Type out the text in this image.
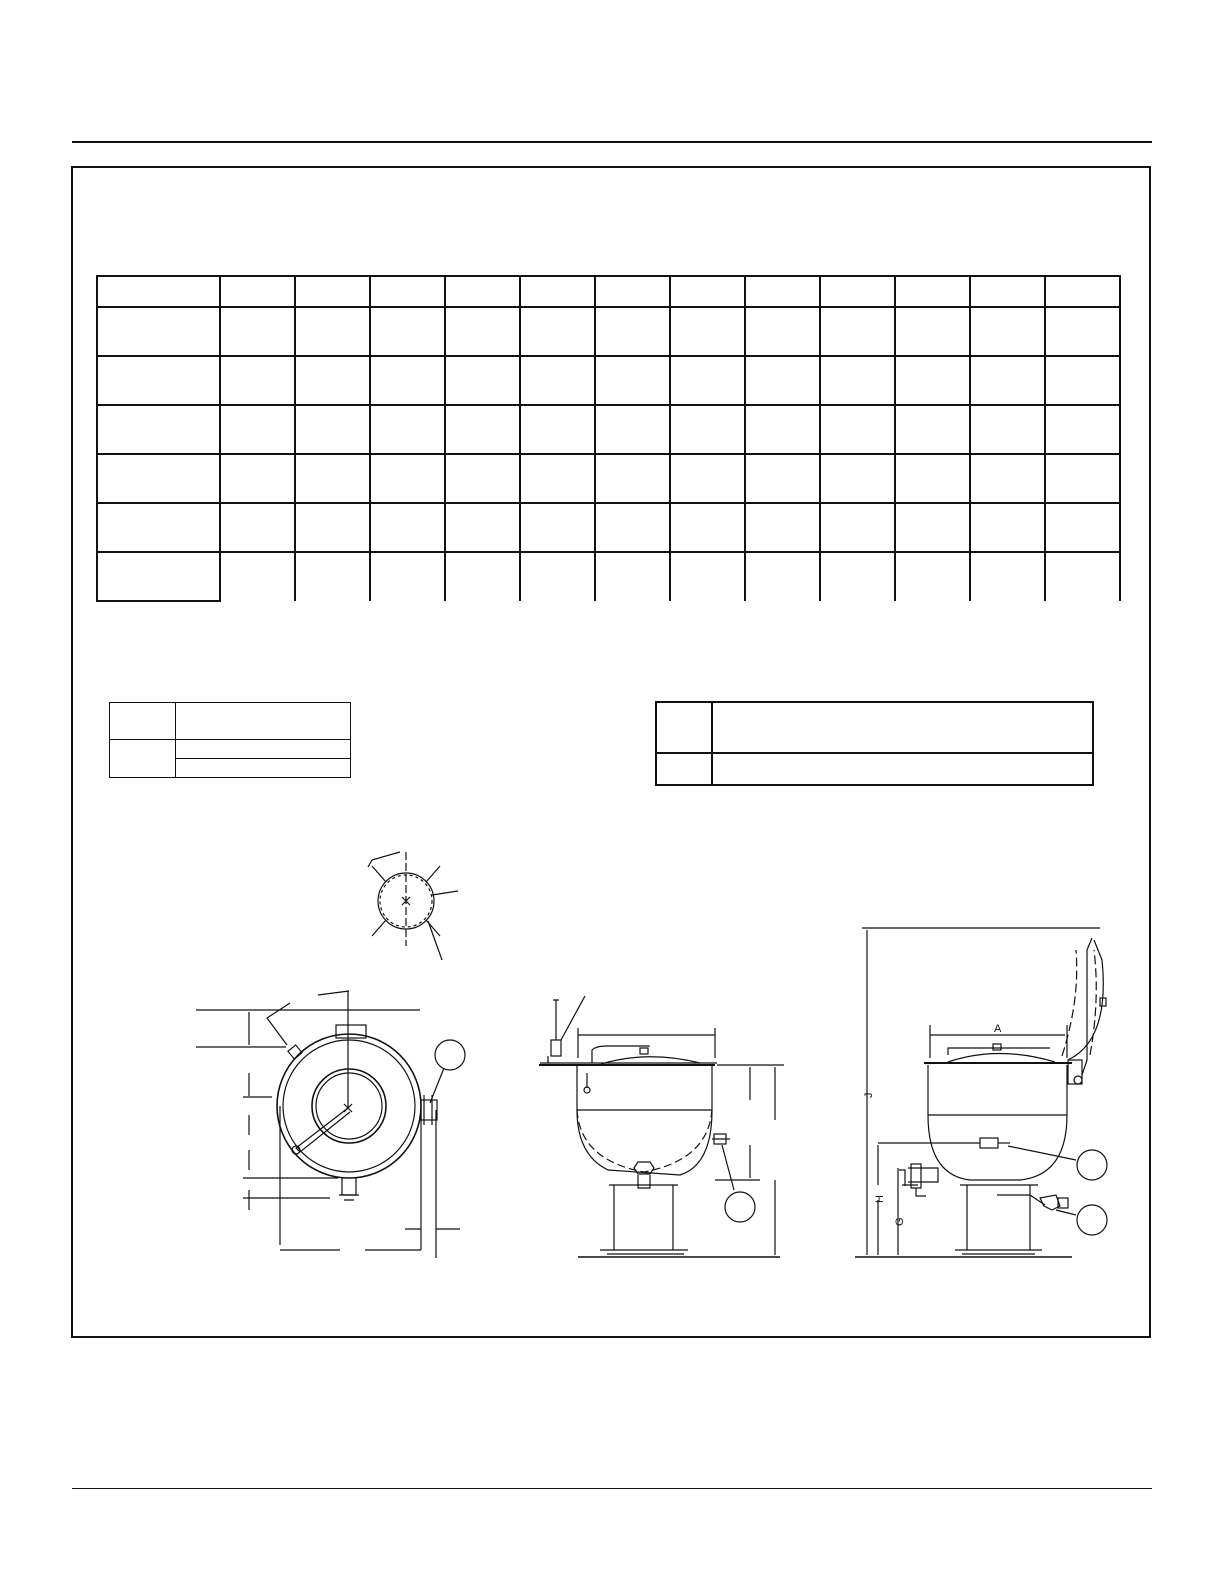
A
J
H
G
